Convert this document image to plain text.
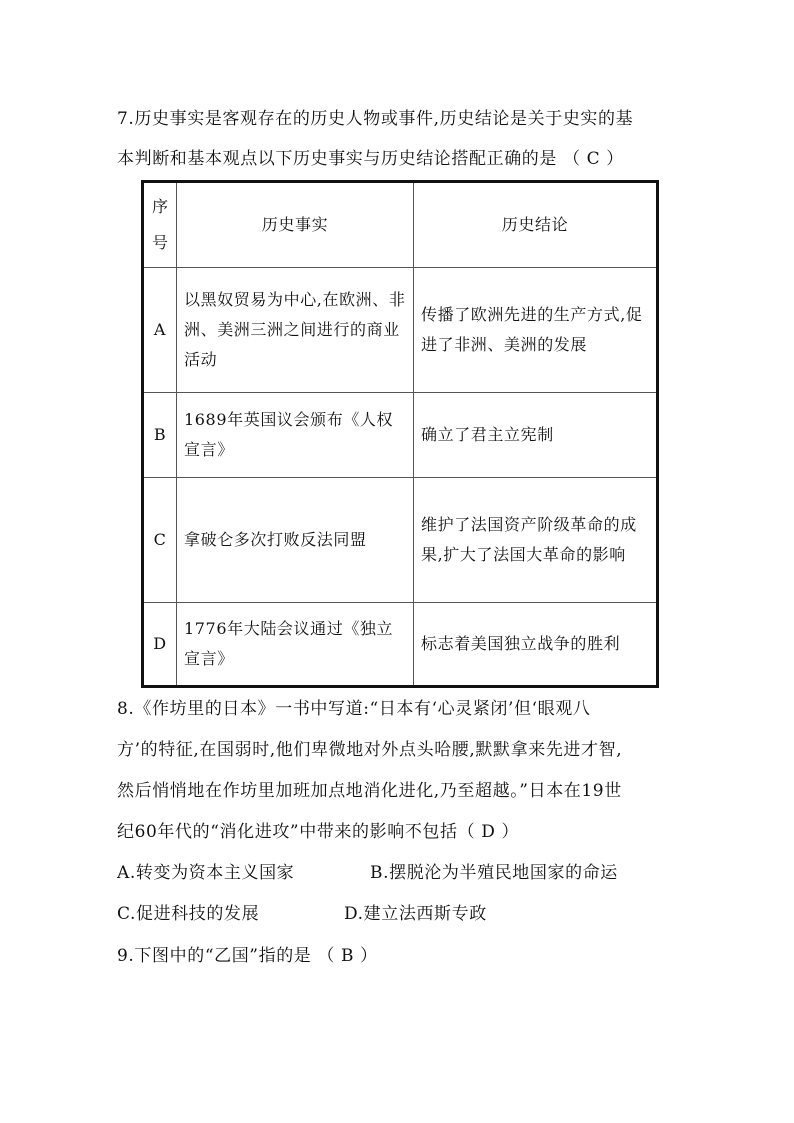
7.历史事实是客观存在的历史人物或事件,历史结论是关于史实的基
本判断和基本观点以下历史事实与历史结论搭配正确的是 （ C ）
序号	历史事实	历史结论
A	以黑奴贸易为中心,在欧洲、非洲、美洲三洲之间进行的商业活动	传播了欧洲先进的生产方式,促进了非洲、美洲的发展
B	1689年英国议会颁布《人权宣言》	确立了君主立宪制
C	拿破仑多次打败反法同盟	维护了法国资产阶级革命的成果,扩大了法国大革命的影响
D	1776年大陆会议通过《独立宣言》	标志着美国独立战争的胜利
8.《作坊里的日本》一书中写道:“日本有‘心灵紧闭’但‘眼观八
方’的特征,在国弱时,他们卑微地对外点头哈腰,默默拿来先进才智,
然后悄悄地在作坊里加班加点地消化进化,乃至超越。”日本在19世
纪60年代的“消化进攻”中带来的影响不包括（ D ）
A.转变为资本主义国家	B.摆脱沦为半殖民地国家的命运
C.促进科技的发展	D.建立法西斯专政
9.下图中的“乙国”指的是 （ B ）
